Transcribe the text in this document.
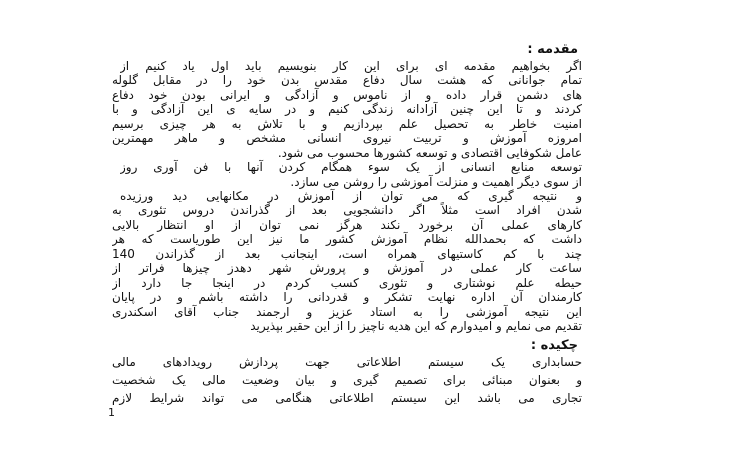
مقدمه :
اگر بخواهیم مقدمه ای برای این کار بنویسیم باید اول یاد کنیم از
تمام جوانانی که هشت سال دفاع مقدس بدن خود را در مقابل گلوله
های دشمن قرار داده و از ناموس و آزادگی و ایرانی بودن خود دفاع
کردند و تا این چنین آزادانه زندگی کنیم و در سایه ی این آزادگی و با
امنیت خاطر به تحصیل علم بپردازیم و با تلاش به هر چیزی برسیم
امروزه آموزش و تربیت نیروی انسانی مشخص و ماهر مهمترین
عامل شکوفایی اقتصادی و توسعه کشورها محسوب می شود.
توسعه منابع انسانی از یک سوء همگام کردن آنها با فن آوری روز
از سوی دیگر اهمیت و منزلت آموزشی را روشن می سازد.
و نتیجه گیری که می توان از آموزش در مکانهایی دید ورزیده
شدن افراد است مثلاً اگر دانشجویی بعد از گذراندن دروس تئوری به
کارهای عملی آن برخورد نکند هرگز نمی توان از او انتظار بالایی
داشت که بحمدالله نظام آموزش کشور ما نیز این طوریاست که هر
چند با کم کاستیهای همراه است، اینجانب بعد از گذراندن 140
ساعت کار عملی در آموزش و پرورش شهر دهدز چیزها فراتر از
حیطه علم نوشتاری و تئوری کسب کردم در اینجا جا دارد از
کارمندان آن اداره نهایت تشکر و قدردانی را داشته باشم و در پایان
این نتیجه آموزشی را به استاد عزیز و ارجمند جناب آقای اسکندری
تقدیم می نمایم و امیدوارم که این هدیه ناچیز را از این حقیر بپذیرید
چکیده :
حسابداری یک سیستم اطلاعاتی جهت پردازش رویدادهای مالی
و بعنوان مبنائی برای تصمیم گیری و بیان وضعیت مالی یک شخصیت
تجاری می باشد این سیستم اطلاعاتی هنگامی می تواند شرایط لازم
1
